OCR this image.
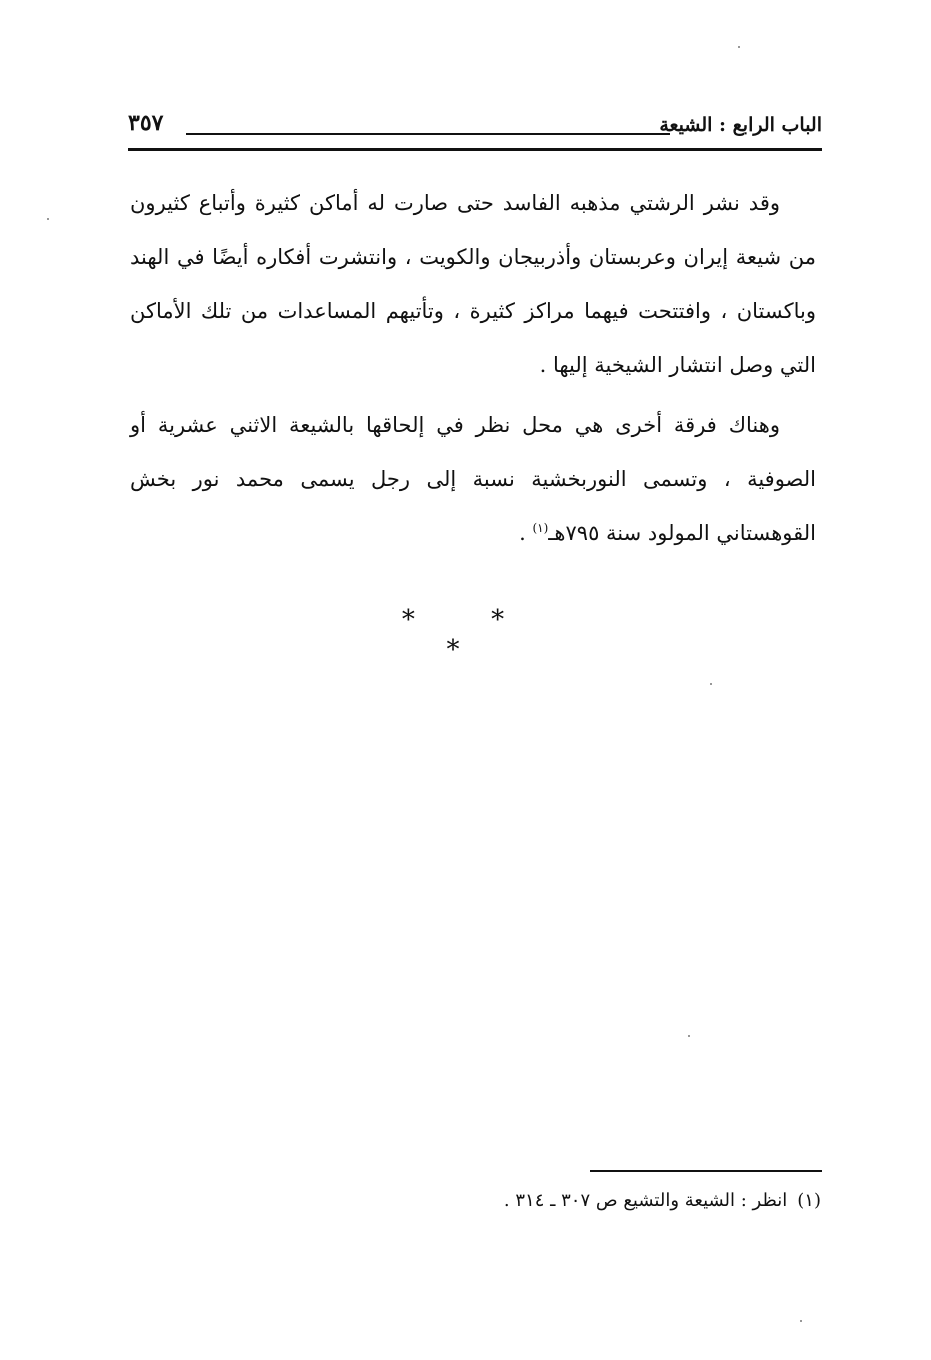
الباب الرابع : الشيعة
٣٥٧

وقد نشر الرشتي مذهبه الفاسد حتى صارت له أماكن كثيرة وأتباع كثيرون من شيعة إيران وعربستان وأذربيجان والكويت ، وانتشرت أفكاره أيضًا في الهند وباكستان ، وافتتحت فيهما مراكز كثيرة ، وتأتيهم المساعدات من تلك الأماكن التي وصل انتشار الشيخية إليها .

وهناك فرقة أخرى هي محل نظر في إلحاقها بالشيعة الاثني عشرية أو الصوفية ، وتسمى النوربخشية نسبة إلى رجل يسمى محمد نور بخش القوهستاني المولود سنة ٧٩٥هـ$^{(١)}$ .

* * *
(١)انظر : الشيعة والتشيع ص ٣٠٧ ـ ٣١٤ .
